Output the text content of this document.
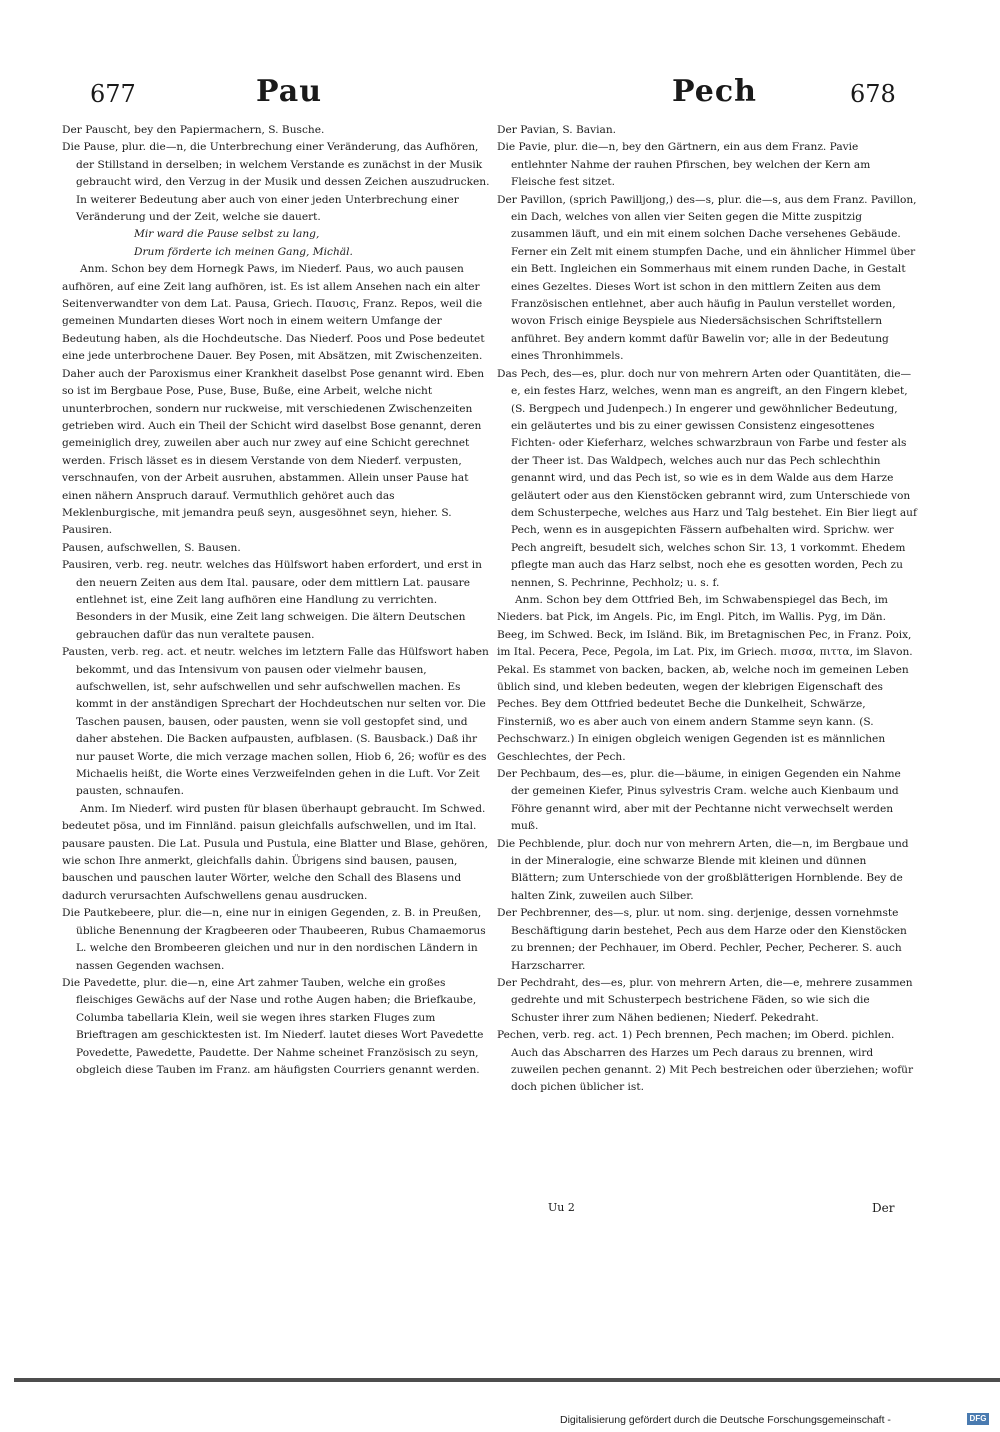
677	Pau	Pech	678

Der Pauscht, bey den Papiermachern, S. Busche.

Die Pause, plur. die—n, die Unterbrechung einer Veränderung, das Aufhören, der Stillstand in derselben; in welchem Verstande es zunächst in der Musik gebraucht wird, den Verzug in der Musik und dessen Zeichen auszudrucken. In weiterer Bedeutung aber auch von einer jeden Unterbrechung einer Veränderung und der Zeit, welche sie dauert.

Mir ward die Pause selbst zu lang,

Drum förderte ich meinen Gang, Michäl.

Anm. Schon bey dem Hornegk Paws, im Niederf. Paus, wo auch pausen aufhören, auf eine Zeit lang aufhören, ist. Es ist allem Ansehen nach ein alter Seitenverwandter von dem Lat. Pausa, Griech. Παυσις, Franz. Repos, weil die gemeinen Mundarten dieses Wort noch in einem weitern Umfange der Bedeutung haben, als die Hochdeutsche. Das Niederf. Poos und Pose bedeutet eine jede unterbrochene Dauer. Bey Posen, mit Absätzen, mit Zwischenzeiten. Daher auch der Paroxismus einer Krankheit daselbst Pose genannt wird. Eben so ist im Bergbaue Pose, Puse, Buse, Buße, eine Arbeit, welche nicht ununterbrochen, sondern nur ruckweise, mit verschiedenen Zwischenzeiten getrieben wird. Auch ein Theil der Schicht wird daselbst Bose genannt, deren gemeiniglich drey, zuweilen aber auch nur zwey auf eine Schicht gerechnet werden. Frisch lässet es in diesem Verstande von dem Niederf. verpusten, verschnaufen, von der Arbeit ausruhen, abstammen. Allein unser Pause hat einen nähern Anspruch darauf. Vermuthlich gehöret auch das Meklenburgische, mit jemandra peuß seyn, ausgesöhnet seyn, hieher. S. Pausiren.

Pausen, aufschwellen, S. Bausen.

Pausiren, verb. reg. neutr. welches das Hülfswort haben erfordert, und erst in den neuern Zeiten aus dem Ital. pausare, oder dem mittlern Lat. pausare entlehnet ist, eine Zeit lang aufhören eine Handlung zu verrichten. Besonders in der Musik, eine Zeit lang schweigen. Die ältern Deutschen gebrauchen dafür das nun veraltete pausen.

Pausten, verb. reg. act. et neutr. welches im letztern Falle das Hülfswort haben bekommt, und das Intensivum von pausen oder vielmehr bausen, aufschwellen, ist, sehr aufschwellen und sehr aufschwellen machen. Es kommt in der anständigen Sprechart der Hochdeutschen nur selten vor. Die Taschen pausen, bausen, oder pausten, wenn sie voll gestopfet sind, und daher abstehen. Die Backen aufpausten, aufblasen. (S. Bausback.) Daß ihr nur pauset Worte, die mich verzage machen sollen, Hiob 6, 26; wofür es des Michaelis heißt, die Worte eines Verzweifelnden gehen in die Luft. Vor Zeit pausten, schnaufen.

Anm. Im Niederf. wird pusten für blasen überhaupt gebraucht. Im Schwed. bedeutet pösa, und im Finnländ. paisun gleichfalls aufschwellen, und im Ital. pausare pausten. Die Lat. Pusula und Pustula, eine Blatter und Blase, gehören, wie schon Ihre anmerkt, gleichfalls dahin. Übrigens sind bausen, pausen, bauschen und pauschen lauter Wörter, welche den Schall des Blasens und dadurch verursachten Aufschwellens genau ausdrucken.

Die Pautkebeere, plur. die—n, eine nur in einigen Gegenden, z. B. in Preußen, übliche Benennung der Kragbeeren oder Thaubeeren, Rubus Chamaemorus L. welche den Brombeeren gleichen und nur in den nordischen Ländern in nassen Gegenden wachsen.

Die Pavedette, plur. die—n, eine Art zahmer Tauben, welche ein großes fleischiges Gewächs auf der Nase und rothe Augen haben; die Briefkaube, Columba tabellaria Klein, weil sie wegen ihres starken Fluges zum Brieftragen am geschicktesten ist. Im Niederf. lautet dieses Wort Pavedette Povedette, Pawedette, Paudette. Der Nahme scheinet Französisch zu seyn, obgleich diese Tauben im Franz. am häufigsten Courriers genannt werden.

Der Pavian, S. Bavian.

Die Pavie, plur. die—n, bey den Gärtnern, ein aus dem Franz. Pavie entlehnter Nahme der rauhen Pfirschen, bey welchen der Kern am Fleische fest sitzet.

Der Pavillon, (sprich Pawilljong,) des—s, plur. die—s, aus dem Franz. Pavillon, ein Dach, welches von allen vier Seiten gegen die Mitte zuspitzig zusammen läuft, und ein mit einem solchen Dache versehenes Gebäude. Ferner ein Zelt mit einem stumpfen Dache, und ein ähnlicher Himmel über ein Bett. Ingleichen ein Sommerhaus mit einem runden Dache, in Gestalt eines Gezeltes. Dieses Wort ist schon in den mittlern Zeiten aus dem Französischen entlehnet, aber auch häufig in Paulun verstellet worden, wovon Frisch einige Beyspiele aus Niedersächsischen Schriftstellern anführet. Bey andern kommt dafür Bawelin vor; alle in der Bedeutung eines Thronhimmels.

Das Pech, des—es, plur. doch nur von mehrern Arten oder Quantitäten, die—e, ein festes Harz, welches, wenn man es angreift, an den Fingern klebet, (S. Bergpech und Judenpech.) In engerer und gewöhnlicher Bedeutung, ein geläutertes und bis zu einer gewissen Consistenz eingesottenes Fichten- oder Kieferharz, welches schwarzbraun von Farbe und fester als der Theer ist. Das Waldpech, welches auch nur das Pech schlechthin genannt wird, und das Pech ist, so wie es in dem Walde aus dem Harze geläutert oder aus den Kienstöcken gebrannt wird, zum Unterschiede von dem Schusterpeche, welches aus Harz und Talg bestehet. Ein Bier liegt auf Pech, wenn es in ausgepichten Fässern aufbehalten wird. Sprichw. wer Pech angreift, besudelt sich, welches schon Sir. 13, 1 vorkommt. Ehedem pflegte man auch das Harz selbst, noch ehe es gesotten worden, Pech zu nennen, S. Pechrinne, Pechholz; u. s. f.

Anm. Schon bey dem Ottfried Beh, im Schwabenspiegel das Bech, im Nieders. bat Pick, im Angels. Pic, im Engl. Pitch, im Wallis. Pyg, im Dän. Beeg, im Schwed. Beck, im Isländ. Bik, im Bretagnischen Pec, in Franz. Poix, im Ital. Pecera, Pece, Pegola, im Lat. Pix, im Griech. πισσα, πιττα, im Slavon. Pekal. Es stammet von backen, backen, ab, welche noch im gemeinen Leben üblich sind, und kleben bedeuten, wegen der klebrigen Eigenschaft des Peches. Bey dem Ottfried bedeutet Beche die Dunkelheit, Schwärze, Finsterniß, wo es aber auch von einem andern Stamme seyn kann. (S. Pechschwarz.) In einigen obgleich wenigen Gegenden ist es männlichen Geschlechtes, der Pech.

Der Pechbaum, des—es, plur. die—bäume, in einigen Gegenden ein Nahme der gemeinen Kiefer, Pinus sylvestris Cram. welche auch Kienbaum und Föhre genannt wird, aber mit der Pechtanne nicht verwechselt werden muß.

Die Pechblende, plur. doch nur von mehrern Arten, die—n, im Bergbaue und in der Mineralogie, eine schwarze Blende mit kleinen und dünnen Blättern; zum Unterschiede von der großblätterigen Hornblende. Bey de halten Zink, zuweilen auch Silber.

Der Pechbrenner, des—s, plur. ut nom. sing. derjenige, dessen vornehmste Beschäftigung darin bestehet, Pech aus dem Harze oder den Kienstöcken zu brennen; der Pechhauer, im Oberd. Pechler, Pecher, Pecherer. S. auch Harzscharrer.

Der Pechdraht, des—es, plur. von mehrern Arten, die—e, mehrere zusammen gedrehte und mit Schusterpech bestrichene Fäden, so wie sich die Schuster ihrer zum Nähen bedienen; Niederf. Pekedraht.

Pechen, verb. reg. act. 1) Pech brennen, Pech machen; im Oberd. pichlen. Auch das Abscharren des Harzes um Pech daraus zu brennen, wird zuweilen pechen genannt. 2) Mit Pech bestreichen oder überziehen; wofür doch pichen üblicher ist.

Uu 2	Der
Digitalisierung gefördert durch die Deutsche Forschungsgemeinschaft -	DFG
